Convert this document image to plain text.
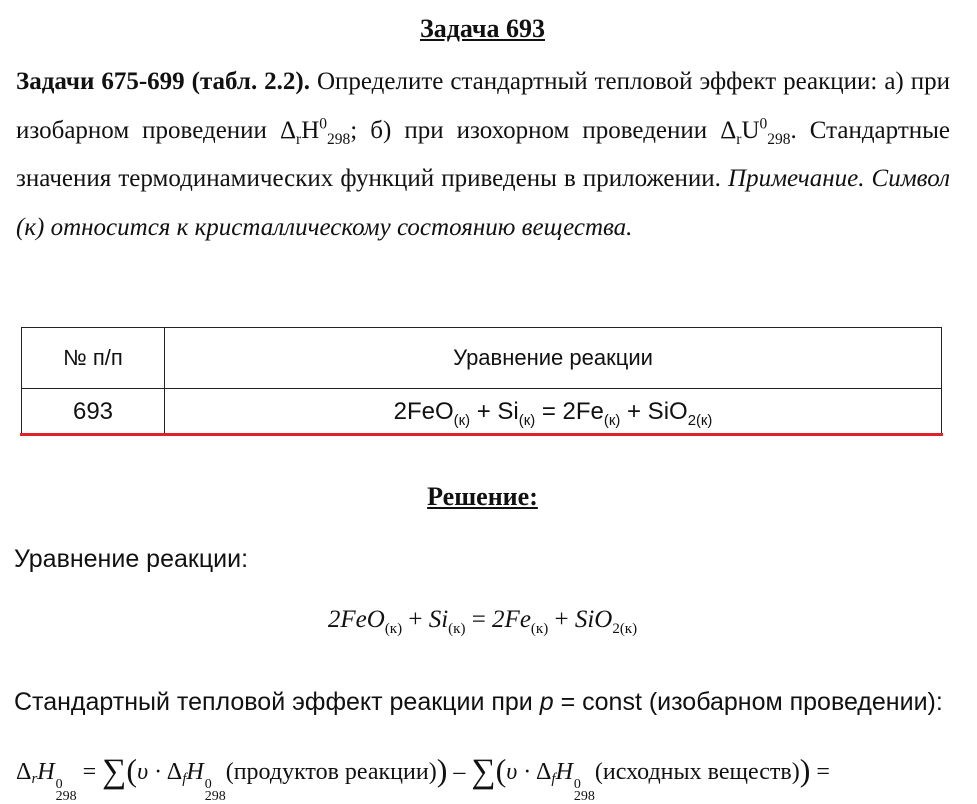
Задача 693
Задачи 675-699 (табл. 2.2). Определите стандартный тепловой эффект реакции: а) при изобарном проведении $\Delta_rH^0_{298}$; б) при изохорном проведении $\Delta_rU^0_{298}$. Стандартные значения термодинамических функций приведены в приложении. Примечание. Символ (к) относится к кристаллическому состоянию вещества.
№ п/п	Уравнение реакции
693	$2FeO_{(к)} + Si_{(к)} = 2Fe_{(к)} + SiO_{2(к)}$
Решение:
Уравнение реакции:
$2FeO_{(к)} + Si_{(к)} = 2Fe_{(к)} + SiO_{2(к)}$
Стандартный тепловой эффект реакции при p = const (изобарном проведении):
ΔrH 0
298
= ∑(υ · ΔfH 0
298
(продуктов реакции)) – ∑(υ · ΔfH 0
298
(исходных веществ)) =
